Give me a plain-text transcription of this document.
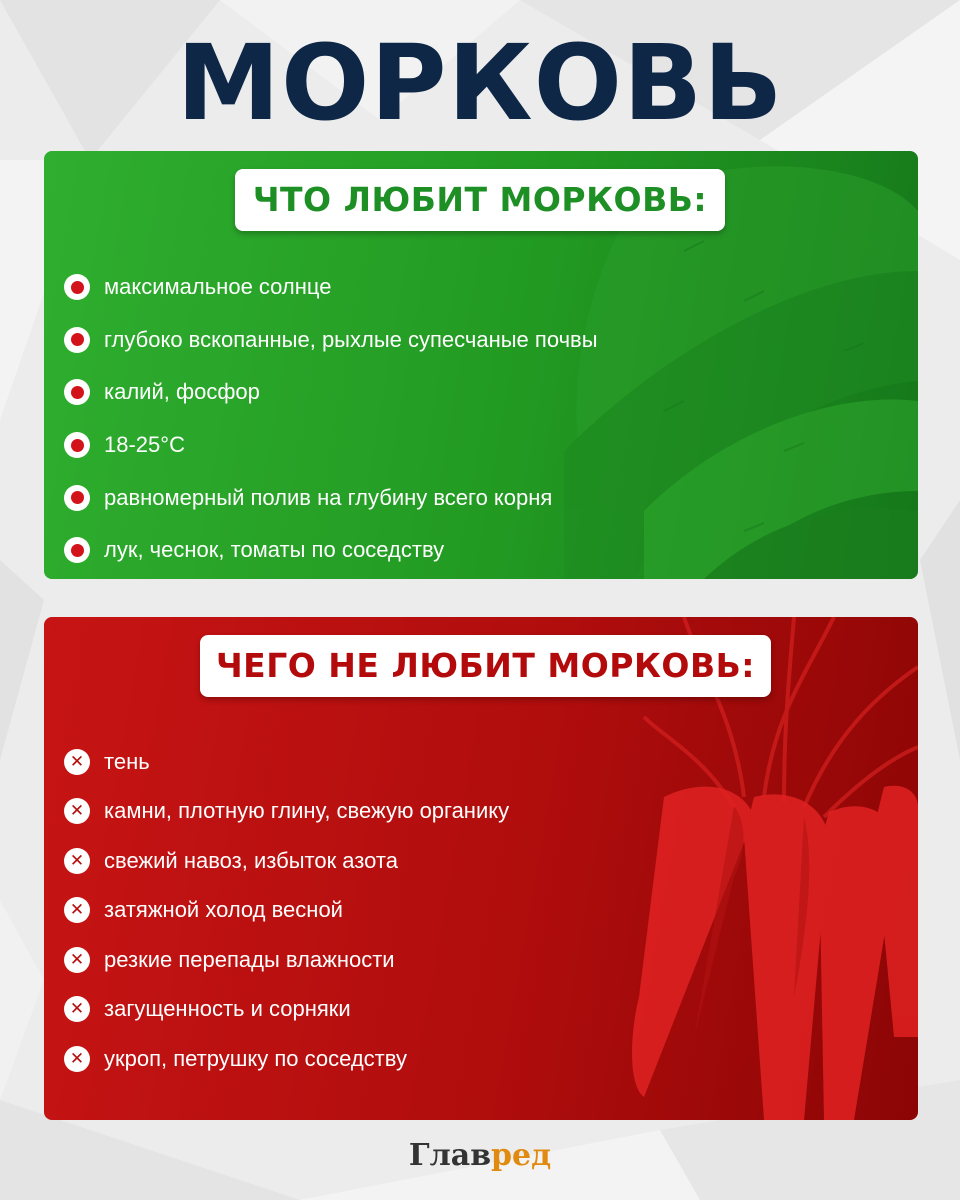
МОРКОВЬ
ЧТО ЛЮБИТ МОРКОВЬ:
максимальное солнце
глубоко вскопанные, рыхлые супесчаные почвы
калий, фосфор
18-25°С
равномерный полив на глубину всего корня
лук, чеснок, томаты по соседству
ЧЕГО НЕ ЛЮБИТ МОРКОВЬ:
✕ тень
✕ камни, плотную глину, свежую органику
✕ свежий навоз, избыток азота
✕ затяжной холод весной
✕ резкие перепады влажности
✕ загущенность и сорняки
✕ укроп, петрушку по соседству
Главред
